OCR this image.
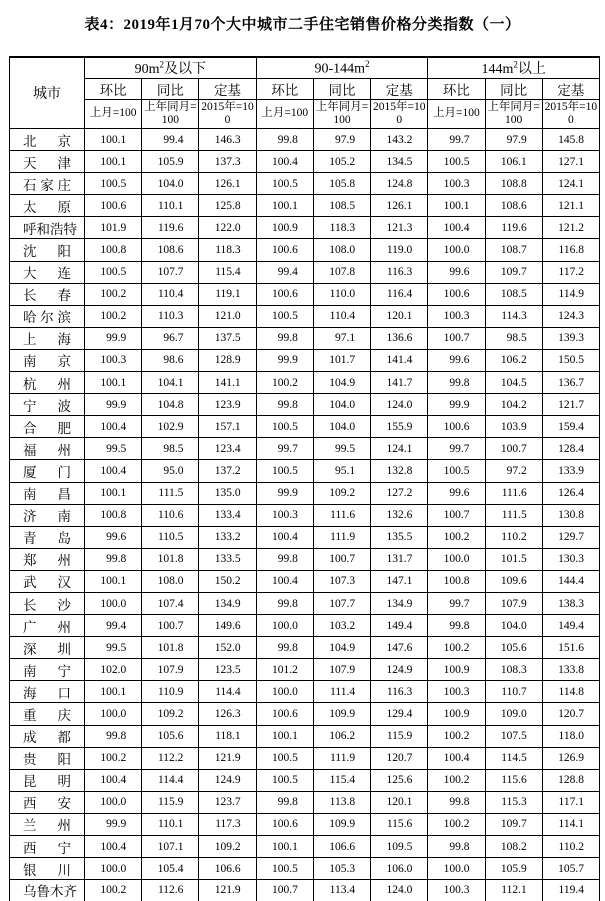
表4：2019年1月70个大中城市二手住宅销售价格分类指数（一）
城市	$90m^2$及以下			$90-144m^2$			$144m^2$以上		
	环比	同比	定基	环比	同比	定基	环比	同比	定基
	上月=100	上年同月=100	2015年=100	上月=100	上年同月=100	2015年=100	上月=100	上年同月=100	2015年=100
北京	100.1	99.4	146.3	99.8	97.9	143.2	99.7	97.9	145.8
天津	100.1	105.9	137.3	100.4	105.2	134.5	100.5	106.1	127.1
石家庄	100.5	104.0	126.1	100.5	105.8	124.8	100.3	108.8	124.1
太原	100.6	110.1	125.8	100.1	108.5	126.1	100.1	108.6	121.1
呼和浩特	101.9	119.6	122.0	100.9	118.3	121.3	100.4	119.6	121.2
沈阳	100.8	108.6	118.3	100.6	108.0	119.0	100.0	108.7	116.8
大连	100.5	107.7	115.4	99.4	107.8	116.3	99.6	109.7	117.2
长春	100.2	110.4	119.1	100.6	110.0	116.4	100.6	108.5	114.9
哈尔滨	100.2	110.3	121.0	100.5	110.4	120.1	100.3	114.3	124.3
上海	99.9	96.7	137.5	99.8	97.1	136.6	100.7	98.5	139.3
南京	100.3	98.6	128.9	99.9	101.7	141.4	99.6	106.2	150.5
杭州	100.1	104.1	141.1	100.2	104.9	141.7	99.8	104.5	136.7
宁波	99.9	104.8	123.9	99.8	104.0	124.0	99.9	104.2	121.7
合肥	100.4	102.9	157.1	100.5	104.0	155.9	100.6	103.9	159.4
福州	99.5	98.5	123.4	99.7	99.5	124.1	99.7	100.7	128.4
厦门	100.4	95.0	137.2	100.5	95.1	132.8	100.5	97.2	133.9
南昌	100.1	111.5	135.0	99.9	109.2	127.2	99.6	111.6	126.4
济南	100.8	110.6	133.4	100.3	111.6	132.6	100.7	111.5	130.8
青岛	99.6	110.5	133.2	100.4	111.9	135.5	100.2	110.2	129.7
郑州	99.8	101.8	133.5	99.8	100.7	131.7	100.0	101.5	130.3
武汉	100.1	108.0	150.2	100.4	107.3	147.1	100.8	109.6	144.4
长沙	100.0	107.4	134.9	99.8	107.7	134.9	99.7	107.9	138.3
广州	99.4	100.7	149.6	100.0	103.2	149.4	99.8	104.0	149.4
深圳	99.5	101.8	152.0	99.8	104.9	147.6	100.2	105.6	151.6
南宁	102.0	107.9	123.5	101.2	107.9	124.9	100.9	108.3	133.8
海口	100.1	110.9	114.4	100.0	111.4	116.3	100.3	110.7	114.8
重庆	100.0	109.2	126.3	100.6	109.9	129.4	100.9	109.0	120.7
成都	99.8	105.6	118.1	100.1	106.2	115.9	100.2	107.5	118.0
贵阳	100.2	112.2	121.9	100.5	111.9	120.7	100.4	114.5	126.9
昆明	100.4	114.4	124.9	100.5	115.4	125.6	100.2	115.6	128.8
西安	100.0	115.9	123.7	99.8	113.8	120.1	99.8	115.3	117.1
兰州	99.9	110.1	117.3	100.6	109.9	115.6	100.2	109.7	114.1
西宁	100.4	107.1	109.2	100.1	106.6	109.5	99.8	108.2	110.2
银川	100.0	105.4	106.6	100.5	105.3	106.0	100.0	105.9	105.7
乌鲁木齐	100.2	112.6	121.9	100.7	113.4	124.0	100.3	112.1	119.4
